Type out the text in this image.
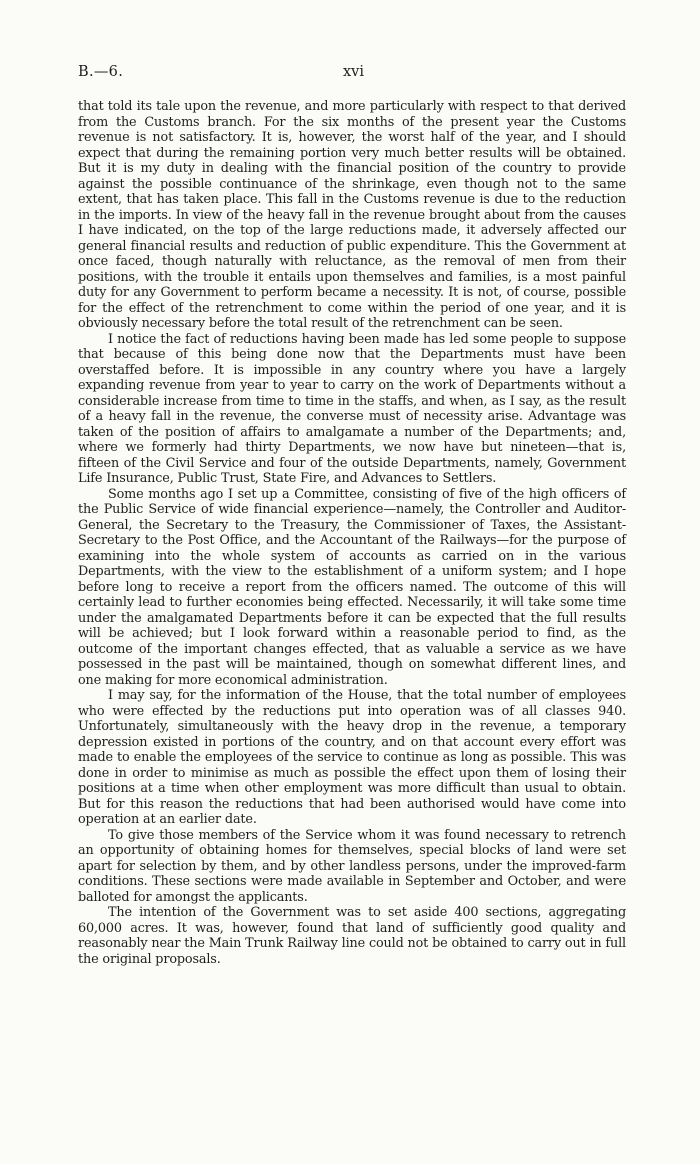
B.—6.	xvi

that told its tale upon the revenue, and more particularly with respect to that derived from the Customs branch. For the six months of the present year the Customs revenue is not satisfactory. It is, however, the worst half of the year, and I should expect that during the remaining portion very much better results will be obtained. But it is my duty in dealing with the financial position of the country to provide against the possible continuance of the shrinkage, even though not to the same extent, that has taken place. This fall in the Customs revenue is due to the reduction in the imports. In view of the heavy fall in the revenue brought about from the causes I have indicated, on the top of the large reductions made, it adversely affected our general financial results and reduction of public expenditure. This the Government at once faced, though naturally with reluctance, as the removal of men from their positions, with the trouble it entails upon themselves and families, is a most painful duty for any Government to perform became a necessity. It is not, of course, possible for the effect of the retrenchment to come within the period of one year, and it is obviously necessary before the total result of the retrenchment can be seen.

I notice the fact of reductions having been made has led some people to suppose that because of this being done now that the Departments must have been overstaffed before. It is impossible in any country where you have a largely expanding revenue from year to year to carry on the work of Departments without a considerable increase from time to time in the staffs, and when, as I say, as the result of a heavy fall in the revenue, the converse must of necessity arise. Advantage was taken of the position of affairs to amalgamate a number of the Departments; and, where we formerly had thirty Departments, we now have but nineteen—that is, fifteen of the Civil Service and four of the outside Departments, namely, Government Life Insurance, Public Trust, State Fire, and Advances to Settlers.

Some months ago I set up a Committee, consisting of five of the high officers of the Public Service of wide financial experience—namely, the Controller and Auditor-General, the Secretary to the Treasury, the Commissioner of Taxes, the Assistant-Secretary to the Post Office, and the Accountant of the Railways—for the purpose of examining into the whole system of accounts as carried on in the various Departments, with the view to the establishment of a uniform system; and I hope before long to receive a report from the officers named. The outcome of this will certainly lead to further economies being effected. Necessarily, it will take some time under the amalgamated Departments before it can be expected that the full results will be achieved; but I look forward within a reasonable period to find, as the outcome of the important changes effected, that as valuable a service as we have possessed in the past will be maintained, though on somewhat different lines, and one making for more economical administration.

I may say, for the information of the House, that the total number of employees who were effected by the reductions put into operation was of all classes 940. Unfortunately, simultaneously with the heavy drop in the revenue, a temporary depression existed in portions of the country, and on that account every effort was made to enable the employees of the service to continue as long as possible. This was done in order to minimise as much as possible the effect upon them of losing their positions at a time when other employment was more difficult than usual to obtain. But for this reason the reductions that had been authorised would have come into operation at an earlier date.

To give those members of the Service whom it was found necessary to retrench an opportunity of obtaining homes for themselves, special blocks of land were set apart for selection by them, and by other landless persons, under the improved-farm conditions. These sections were made available in September and October, and were balloted for amongst the applicants.

The intention of the Government was to set aside 400 sections, aggregating 60,000 acres. It was, however, found that land of sufficiently good quality and reasonably near the Main Trunk Railway line could not be obtained to carry out in full the original proposals.
